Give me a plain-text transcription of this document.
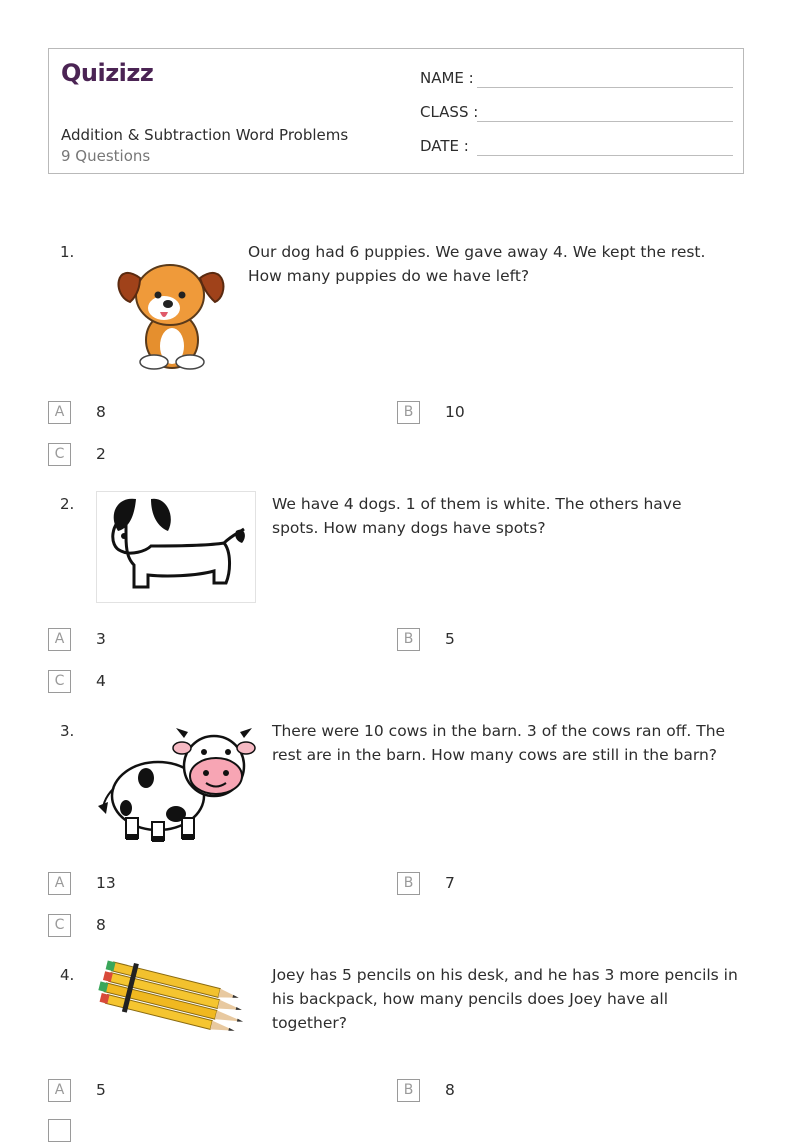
Quizizz
Addition & Subtraction Word Problems
9 Questions
NAME :
CLASS :
DATE :
1.	Our dog had 6 puppies. We gave away 4. We kept the rest. How many puppies do we have left?
A	8	B	10
C	2
2.	We have 4 dogs. 1 of them is white. The others have spots. How many dogs have spots?
A	3	B	5
C	4
3.	There were 10 cows in the barn. 3 of the cows ran off. The rest are in the barn. How many cows are still in the barn?
A	13	B	7
C	8
4.	Joey has 5 pencils on his desk, and he has 3 more pencils in his backpack, how many pencils does Joey have all together?
A	5	B	8
